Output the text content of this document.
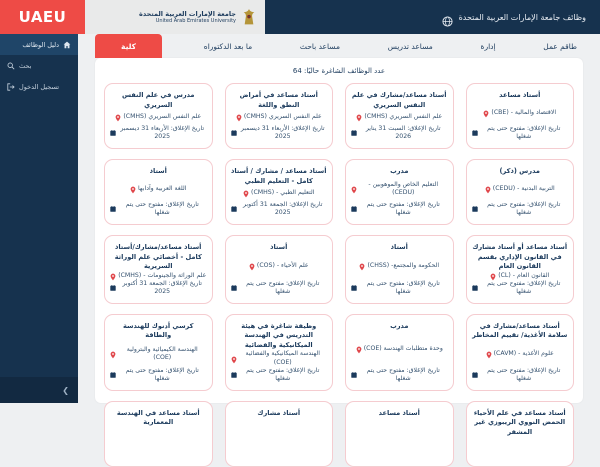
UAEU	جامعة الإمارات العربية المتحدة
United Arab Emirates University	وظائف جامعة الإمارات العربية المتحدة
دليل الوظائف
بحث
تسجيل الدخول
❮
طاقم عمل
إدارة
مساعد تدريس
مساعد باحث
ما بعد الدكتوراه
كلية
عدد الوظائف الشاغرة حاليًا: 64
أستاذ مساعد
الاقتصاد والمالية - (CBE)
تاريخ الإغلاق: مفتوح حتى يتم شغلها
أستاذ مساعد/مشارك في علم النفس السريري
علم النفس السريري (CMHS)
تاريخ الإغلاق: السبت 31 يناير 2026
أستاذ مساعد في أمراض النطق واللغة
علم النفس السريري (CMHS)
تاريخ الإغلاق: الأربعاء 31 ديسمبر 2025
مدرس في علم النفس السريري
علم النفس السريري (CMHS)
تاريخ الإغلاق: الأربعاء 31 ديسمبر 2025
مدرس (ذكر)
التربية البدنية - (CEDU)
تاريخ الإغلاق: مفتوح حتى يتم شغلها
مدرب
التعليم الخاص والموهوبين - (CEDU)
تاريخ الإغلاق: مفتوح حتى يتم شغلها
أستاذ مساعد / مشارك / أستاذ كامل - التعليم الطبي
التعليم الطبي - (CMHS)
تاريخ الإغلاق: الجمعة 31 أكتوبر 2025
أستاذ
اللغة العربية وآدابها
تاريخ الإغلاق: مفتوح حتى يتم شغلها
أستاذ مساعد أو أستاذ مشارك في القانون الإداري بقسم القانون العام
القانون العام - (CL)
تاريخ الإغلاق: مفتوح حتى يتم شغلها
أستاذ
الحكومة والمجتمع- (CHSS)
تاريخ الإغلاق: مفتوح حتى يتم شغلها
أستاذ
علم الأحياء - (COS)
تاريخ الإغلاق: مفتوح حتى يتم شغلها
أستاذ مساعد/مشارك/أستاذ كامل - أخصائي علم الوراثة السريرية
علم الوراثة والجينومات - (CMHS)
تاريخ الإغلاق: الجمعة 31 أكتوبر 2025
أستاذ مساعد/مشارك في سلامة الأغذية/ تقييم المخاطر
علوم الأغذية - (CAVM)
تاريخ الإغلاق: مفتوح حتى يتم شغلها
مدرب
وحدة متطلبات الهندسة (COE)
تاريخ الإغلاق: مفتوح حتى يتم شغلها
وظيفة شاغرة في هيئة التدريس في الهندسة الميكانيكية والفضائية
الهندسة الميكانيكية والفضائية (COE)
تاريخ الإغلاق: مفتوح حتى يتم شغلها
كرسي أدنوك للهندسة والطاقة
الهندسة الكيميائية والبترولية (COE)
تاريخ الإغلاق: مفتوح حتى يتم شغلها
أستاذ مساعد في علم الأحياء الحمض النووي الريبوزي غير المشفر
أستاذ مساعد
أستاذ مشارك
أستاذ مساعد في الهندسة المعمارية
